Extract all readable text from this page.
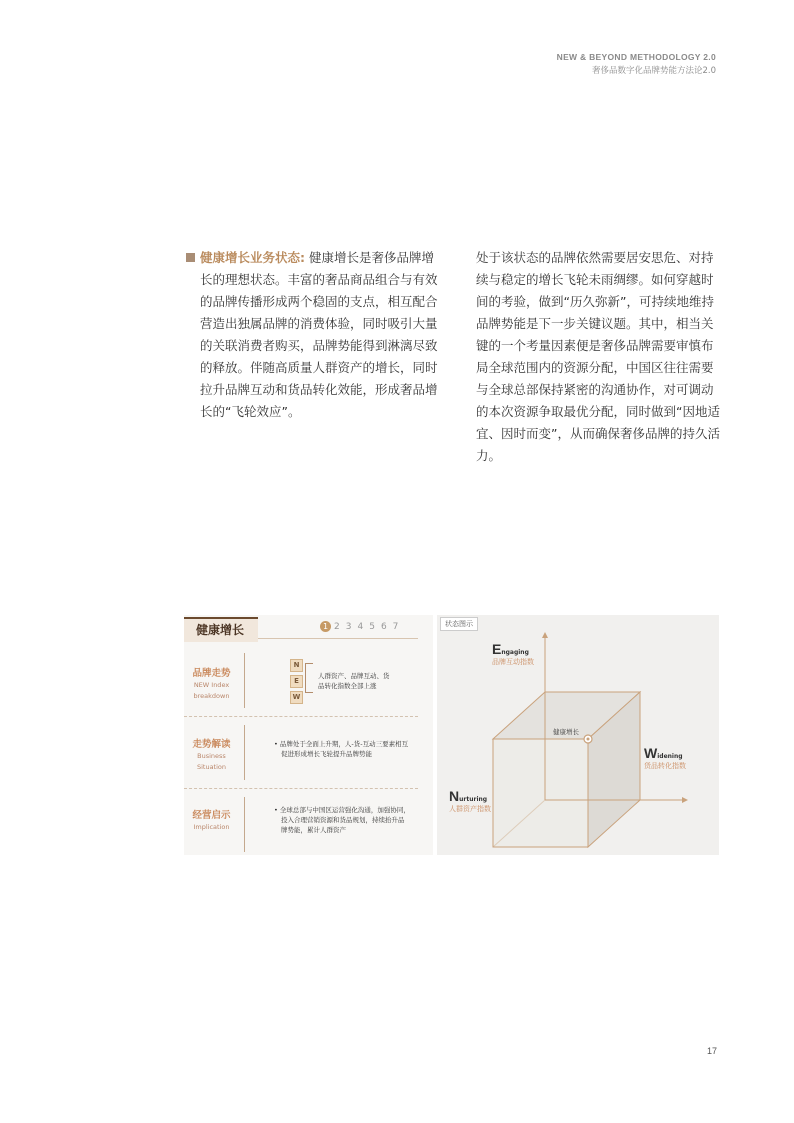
NEW & BEYOND METHODOLOGY 2.0
奢侈品数字化品牌势能方法论2.0
健康增长业务状态: 健康增长是奢侈品牌增长的理想状态。丰富的奢品商品组合与有效的品牌传播形成两个稳固的支点，相互配合营造出独属品牌的消费体验，同时吸引大量的关联消费者购买，品牌势能得到淋漓尽致的释放。伴随高质量人群资产的增长，同时拉升品牌互动和货品转化效能，形成奢品增长的“飞轮效应”。
处于该状态的品牌依然需要居安思危、对持续与稳定的增长飞轮未雨绸缪。如何穿越时间的考验，做到“历久弥新”，可持续地维持品牌势能是下一步关键议题。其中，相当关键的一个考量因素便是奢侈品牌需要审慎布局全球范围内的资源分配，中国区往往需要与全球总部保持紧密的沟通协作，对可调动的本次资源争取最优分配，同时做到“因地适宜、因时而变”，从而确保奢侈品牌的持久活力。
健康增长	1 2 3 4 5 6 7
品牌走势
NEW Index
breakdown
N
E
W
人群资产、品牌互动、货
品转化指数全部上涨
走势解读
Business
Situation
• 品牌处于全面上升期，人-货-互动三要素相互
促进形成增长飞轮提升品牌势能
经营启示
Implication
• 全球总部与中国区运营强化沟通，加强协同，
投入合理营销资源和货品规划，持续抬升品
牌势能，累计人群资产
状态图示
健康增长
Engaging
品牌互动指数
Widening
货品转化指数
Nurturing
人群资产指数
17
